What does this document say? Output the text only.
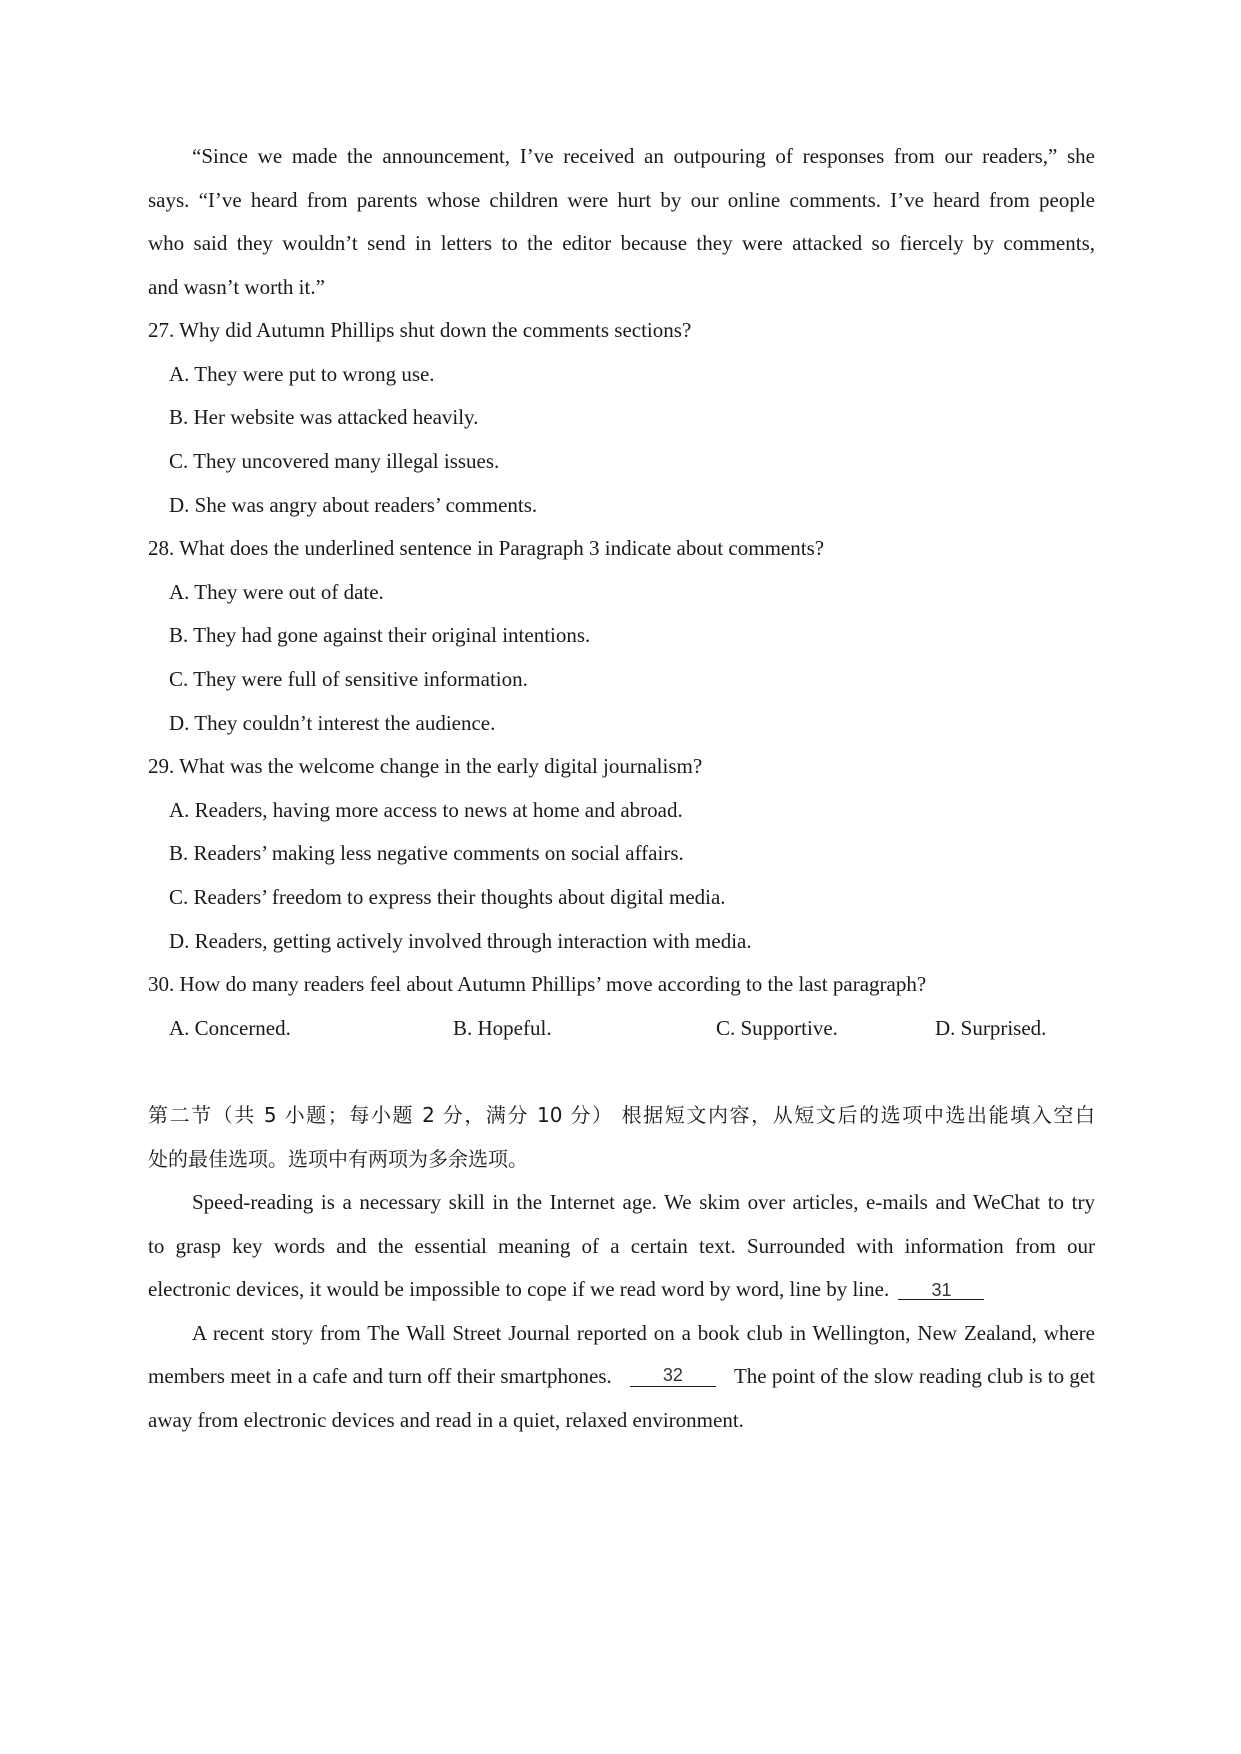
“Since we made the announcement, I’ve received an outpouring of responses from our readers,” she
says. “I’ve heard from parents whose children were hurt by our online comments. I’ve heard from people
who said they wouldn’t send in letters to the editor because they were attacked so fiercely by comments,
and wasn’t worth it.”
27. Why did Autumn Phillips shut down the comments sections?
A. They were put to wrong use.
B. Her website was attacked heavily.
C. They uncovered many illegal issues.
D. She was angry about readers’ comments.
28. What does the underlined sentence in Paragraph 3 indicate about comments?
A. They were out of date.
B. They had gone against their original intentions.
C. They were full of sensitive information.
D. They couldn’t interest the audience.
29. What was the welcome change in the early digital journalism?
A. Readers, having more access to news at home and abroad.
B. Readers’ making less negative comments on social affairs.
C. Readers’ freedom to express their thoughts about digital media.
D. Readers, getting actively involved through interaction with media.
30. How do many readers feel about Autumn Phillips’ move according to the last paragraph?
A. Concerned.	B. Hopeful.	C. Supportive.	D. Surprised.
第二节（共 5 小题；每小题 2 分，满分 10 分） 根据短文内容，从短文后的选项中选出能填入空白
处的最佳选项。选项中有两项为多余选项。
Speed-reading is a necessary skill in the Internet age. We skim over articles, e-mails and WeChat to try
to grasp key words and the essential meaning of a certain text. Surrounded with information from our
electronic devices, it would be impossible to cope if we read word by word, line by line. 31
A recent story from The Wall Street Journal reported on a book club in Wellington, New Zealand, where
members meet in a cafe and turn off their smartphones.	32	The point of the slow reading club is to get
away from electronic devices and read in a quiet, relaxed environment.
